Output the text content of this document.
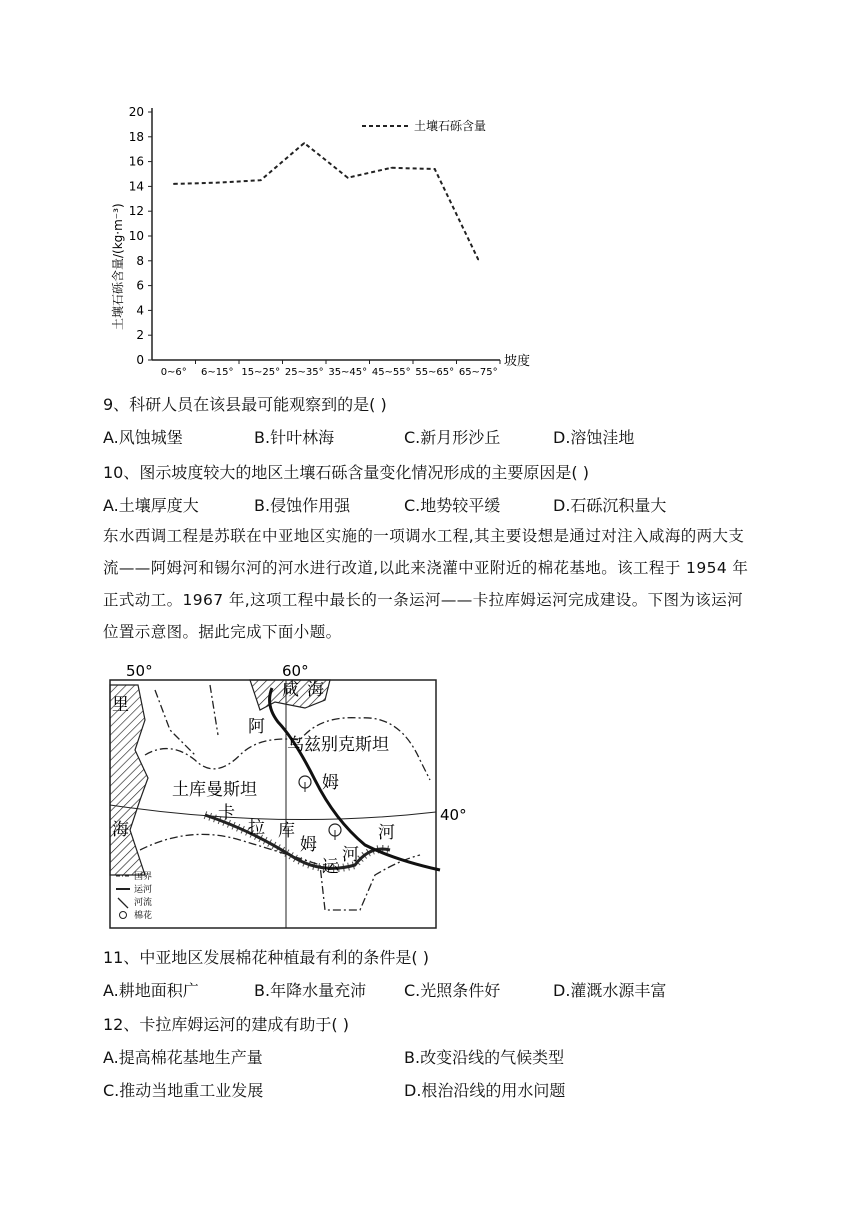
0
2
4
6
8
10
12
14
16
18
20
0~6° 6~15° 15~25° 25~35° 35~45° 45~55° 55~65° 65~75°
土壤石砾含量
土壤石砾含量/(kg·m⁻³)
坡度
9、科研人员在该县最可能观察到的是( )
A.风蚀城堡	B.针叶林海	C.新月形沙丘	D.溶蚀洼地
10、图示坡度较大的地区土壤石砾含量变化情况形成的主要原因是( )
A.土壤厚度大	B.侵蚀作用强	C.地势较平缓	D.石砾沉积量大
东水西调工程是苏联在中亚地区实施的一项调水工程,其主要设想是通过对注入咸海的两大支流——阿姆河和锡尔河的河水进行改道,以此来浇灌中亚附近的棉花基地。该工程于 1954 年正式动工。1967 年,这项工程中最长的一条运河——卡拉库姆运河完成建设。下图为该运河位置示意图。据此完成下面小题。
50°	60°
40°
咸 海
里
海
乌兹别克斯坦
土库曼斯坦
阿
姆
河
卡
拉 库
姆
运
河
国界
运河
河流
棉花
11、中亚地区发展棉花种植最有利的条件是( )
A.耕地面积广	B.年降水量充沛 C.光照条件好	D.灌溉水源丰富
12、卡拉库姆运河的建成有助于( )
A.提高棉花基地生产量	B.改变沿线的气候类型
C.推动当地重工业发展	D.根治沿线的用水问题
